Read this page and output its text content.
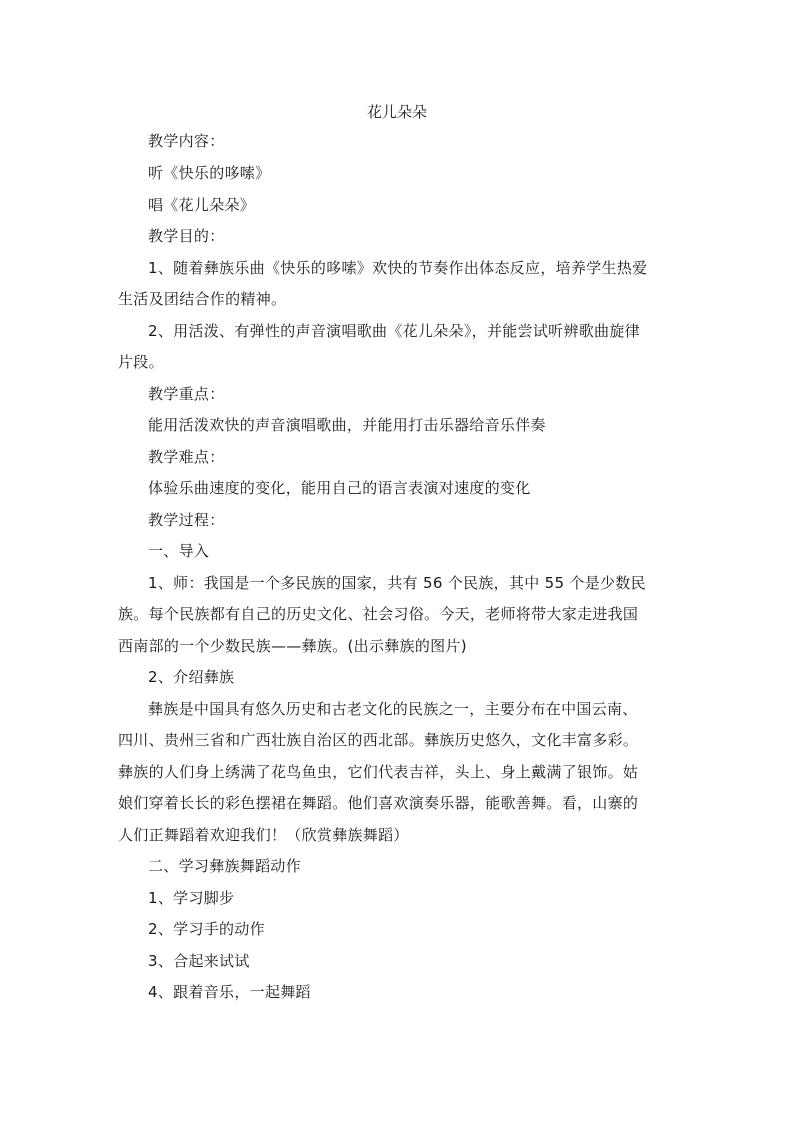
花儿朵朵
教学内容：
听《快乐的哆嗦》
唱《花儿朵朵》
教学目的：
1、随着彝族乐曲《快乐的哆嗦》欢快的节奏作出体态反应，培养学生热爱
生活及团结合作的精神。
2、用活泼、有弹性的声音演唱歌曲《花儿朵朵》，并能尝试听辨歌曲旋律
片段。
教学重点：
能用活泼欢快的声音演唱歌曲，并能用打击乐器给音乐伴奏
教学难点：
体验乐曲速度的变化，能用自己的语言表演对速度的变化
教学过程：
一、导入
1、师：我国是一个多民族的国家，共有 56 个民族，其中 55 个是少数民
族。每个民族都有自己的历史文化、社会习俗。今天，老师将带大家走进我国
西南部的一个少数民族——彝族。(出示彝族的图片)
2、介绍彝族
彝族是中国具有悠久历史和古老文化的民族之一，主要分布在中国云南、
四川、贵州三省和广西壮族自治区的西北部。彝族历史悠久，文化丰富多彩。
彝族的人们身上绣满了花鸟鱼虫，它们代表吉祥，头上、身上戴满了银饰。姑
娘们穿着长长的彩色摆裙在舞蹈。他们喜欢演奏乐器，能歌善舞。看，山寨的
人们正舞蹈着欢迎我们！（欣赏彝族舞蹈）
二、学习彝族舞蹈动作
1、学习脚步
2、学习手的动作
3、合起来试试
4、跟着音乐，一起舞蹈
